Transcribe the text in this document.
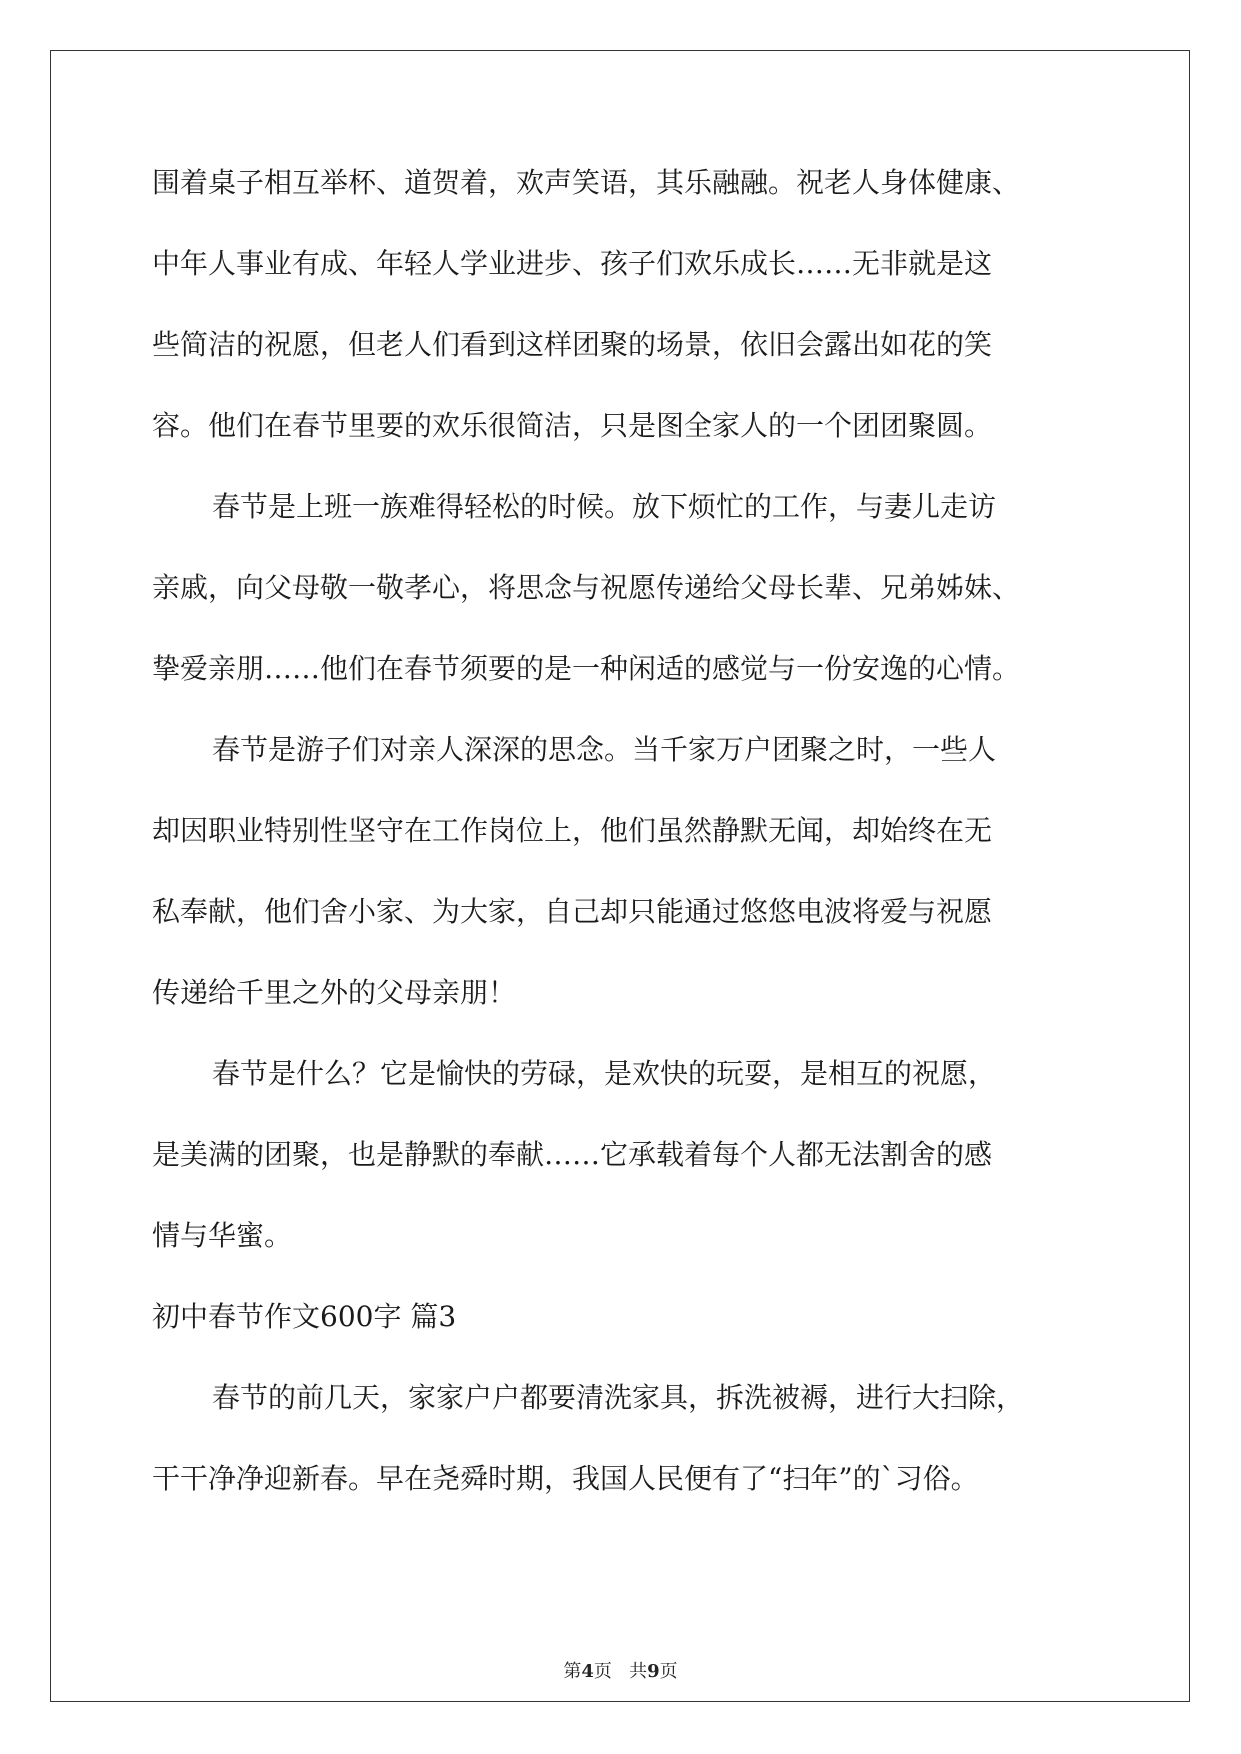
围着桌子相互举杯、道贺着，欢声笑语，其乐融融。祝老人身体健康、
中年人事业有成、年轻人学业进步、孩子们欢乐成长……无非就是这
些简洁的祝愿，但老人们看到这样团聚的场景，依旧会露出如花的笑
容。他们在春节里要的欢乐很简洁，只是图全家人的一个团团聚圆。
春节是上班一族难得轻松的时候。放下烦忙的工作，与妻儿走访
亲戚，向父母敬一敬孝心，将思念与祝愿传递给父母长辈、兄弟姊妹、
挚爱亲朋……他们在春节须要的是一种闲适的感觉与一份安逸的心情。
春节是游子们对亲人深深的思念。当千家万户团聚之时，一些人
却因职业特别性坚守在工作岗位上，他们虽然静默无闻，却始终在无
私奉献，他们舍小家、为大家，自己却只能通过悠悠电波将爱与祝愿
传递给千里之外的父母亲朋！
春节是什么？它是愉快的劳碌，是欢快的玩耍，是相互的祝愿，
是美满的团聚，也是静默的奉献……它承载着每个人都无法割舍的感
情与华蜜。
初中春节作文600字 篇3
春节的前几天，家家户户都要清洗家具，拆洗被褥，进行大扫除，
干干净净迎新春。早在尧舜时期，我国人民便有了“扫年”的`习俗。
第4页 共9页
